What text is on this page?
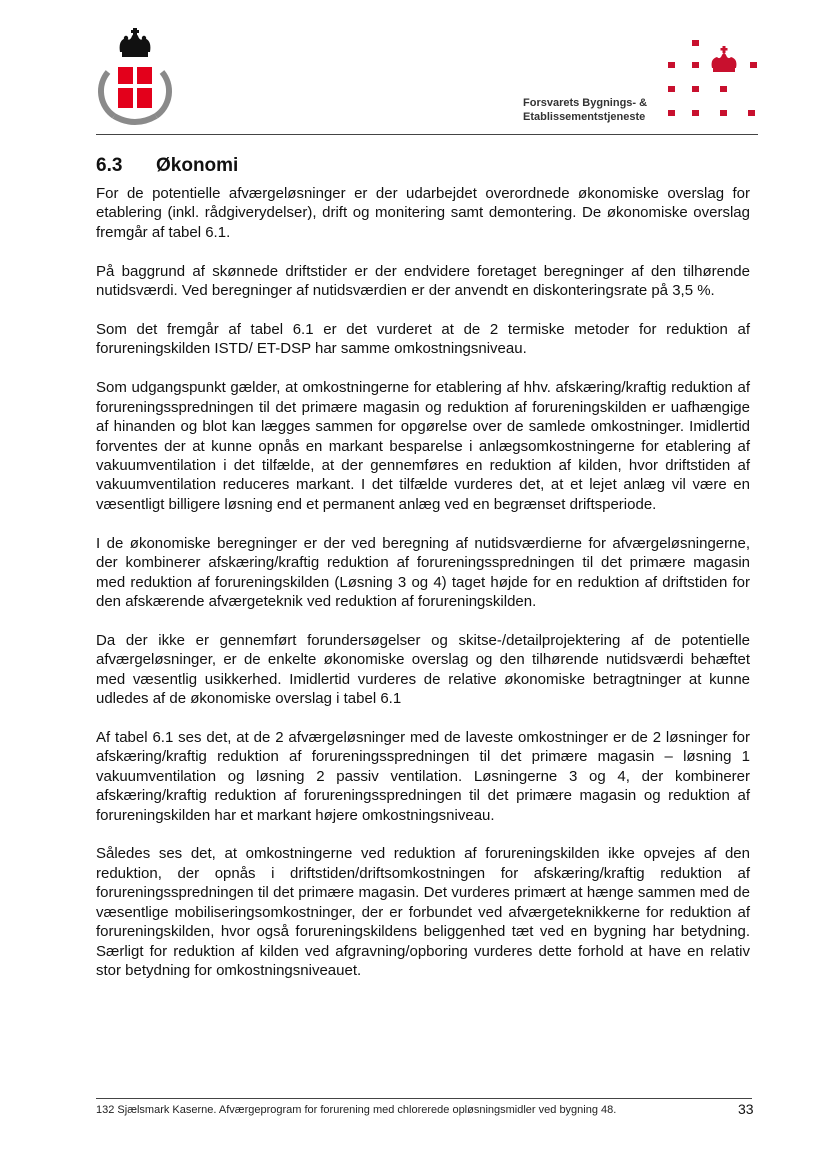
Forsvarets Bygnings- &
Etablissementstjeneste
6.3 Økonomi

For de potentielle afværgeløsninger er der udarbejdet overordnede økonomiske overslag for etablering (inkl. rådgiverydelser), drift og monitering samt demontering. De økonomiske overslag fremgår af tabel 6.1.

På baggrund af skønnede driftstider er der endvidere foretaget beregninger af den tilhørende nutidsværdi. Ved beregninger af nutidsværdien er der anvendt en diskonteringsrate på 3,5 %.

Som det fremgår af tabel 6.1 er det vurderet at de 2 termiske metoder for reduktion af forureningskilden ISTD/ ET-DSP har samme omkostningsniveau.

Som udgangspunkt gælder, at omkostningerne for etablering af hhv. afskæring/kraftig reduktion af forureningsspredningen til det primære magasin og reduktion af forureningskilden er uafhængige af hinanden og blot kan lægges sammen for opgørelse over de samlede omkostninger. Imidlertid forventes der at kunne opnås en markant besparelse i anlægsomkostningerne for etablering af vakuumventilation i det tilfælde, at der gennemføres en reduktion af kilden, hvor driftstiden af vakuumventilation reduceres markant. I det tilfælde vurderes det, at et lejet anlæg vil være en væsentligt billigere løsning end et permanent anlæg ved en begrænset driftsperiode.

I de økonomiske beregninger er der ved beregning af nutidsværdierne for afværgeløsningerne, der kombinerer afskæring/kraftig reduktion af forureningsspredningen til det primære magasin med reduktion af forureningskilden (Løsning 3 og 4) taget højde for en reduktion af driftstiden for den afskærende afværgeteknik ved reduktion af forureningskilden.

Da der ikke er gennemført forundersøgelser og skitse-/detailprojektering af de potentielle afværgeløsninger, er de enkelte økonomiske overslag og den tilhørende nutidsværdi behæftet med væsentlig usikkerhed. Imidlertid vurderes de relative økonomiske betragtninger at kunne udledes af de økonomiske overslag i tabel 6.1

Af tabel 6.1 ses det, at de 2 afværgeløsninger med de laveste omkostninger er de 2 løsninger for afskæring/kraftig reduktion af forureningsspredningen til det primære magasin – løsning 1 vakuumventilation og løsning 2 passiv ventilation. Løsningerne 3 og 4, der kombinerer afskæring/kraftig reduktion af forureningsspredningen til det primære magasin og reduktion af forureningskilden har et markant højere omkostningsniveau.

Således ses det, at omkostningerne ved reduktion af forureningskilden ikke opvejes af den reduktion, der opnås i driftstiden/driftsomkostningen for afskæring/kraftig reduktion af forureningsspredningen til det primære magasin. Det vurderes primært at hænge sammen med de væsentlige mobiliseringsomkostninger, der er forbundet ved afværgeteknikkerne for reduktion af forureningskilden, hvor også forureningskildens beliggenhed tæt ved en bygning har betydning. Særligt for reduktion af kilden ved afgravning/opboring vurderes dette forhold at have en relativ stor betydning for omkostningsniveauet.

132 Sjælsmark Kaserne. Afværgeprogram for forurening med chlorerede opløsningsmidler ved bygning 48.	33
